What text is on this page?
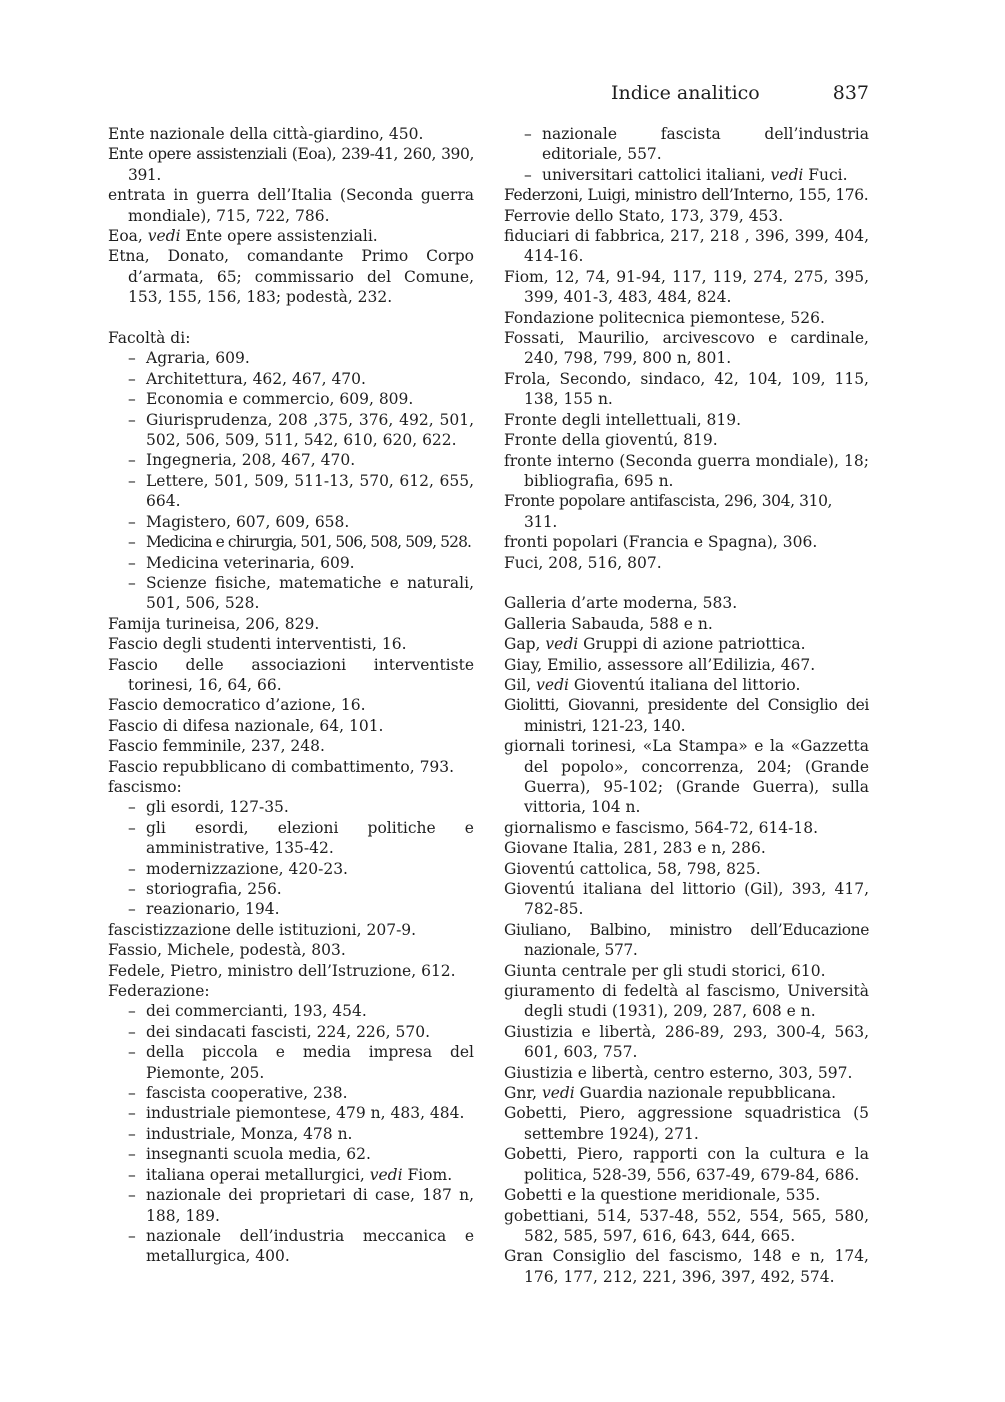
Indice analitico	837
Ente nazionale della città-giardino, 450.
Ente opere assistenziali (Eoa), 239-41, 260, 390, 391.
entrata in guerra dell’Italia (Seconda guerra mondiale), 715, 722, 786.
Eoa, vedi Ente opere assistenziali.
Etna, Donato, comandante Primo Corpo d’armata, 65; commissario del Comune, 153, 155, 156, 183; podestà, 232.
Facoltà di:
– Agraria, 609.
– Architettura, 462, 467, 470.
– Economia e commercio, 609, 809.
– Giurisprudenza, 208 ,375, 376, 492, 501, 502, 506, 509, 511, 542, 610, 620, 622.
– Ingegneria, 208, 467, 470.
– Lettere, 501, 509, 511-13, 570, 612, 655, 664.
– Magistero, 607, 609, 658.
– Medicina e chirurgia, 501, 506, 508, 509, 528.
– Medicina veterinaria, 609.
– Scienze fisiche, matematiche e naturali, 501, 506, 528.
Famija turineisa, 206, 829.
Fascio degli studenti interventisti, 16.
Fascio delle associazioni interventiste torinesi, 16, 64, 66.
Fascio democratico d’azione, 16.
Fascio di difesa nazionale, 64, 101.
Fascio femminile, 237, 248.
Fascio repubblicano di combattimento, 793.
fascismo:
– gli esordi, 127-35.
– gli esordi, elezioni politiche e amministrative, 135-42.
– modernizzazione, 420-23.
– storiografia, 256.
– reazionario, 194.
fascistizzazione delle istituzioni, 207-9.
Fassio, Michele, podestà, 803.
Fedele, Pietro, ministro dell’Istruzione, 612.
Federazione:
– dei commercianti, 193, 454.
– dei sindacati fascisti, 224, 226, 570.
– della piccola e media impresa del Piemonte, 205.
– fascista cooperative, 238.
– industriale piemontese, 479 n, 483, 484.
– industriale, Monza, 478 n.
– insegnanti scuola media, 62.
– italiana operai metallurgici, vedi Fiom.
– nazionale dei proprietari di case, 187 n, 188, 189.
– nazionale dell’industria meccanica e metallurgica, 400.
– nazionale fascista dell’industria editoriale, 557.
– universitari cattolici italiani, vedi Fuci.
Federzoni, Luigi, ministro dell’Interno, 155, 176.
Ferrovie dello Stato, 173, 379, 453.
fiduciari di fabbrica, 217, 218 , 396, 399, 404, 414-16.
Fiom, 12, 74, 91-94, 117, 119, 274, 275, 395, 399, 401-3, 483, 484, 824.
Fondazione politecnica piemontese, 526.
Fossati, Maurilio, arcivescovo e cardinale, 240, 798, 799, 800 n, 801.
Frola, Secondo, sindaco, 42, 104, 109, 115, 138, 155 n.
Fronte degli intellettuali, 819.
Fronte della gioventú, 819.
fronte interno (Seconda guerra mondiale), 18; bibliografia, 695 n.
Fronte popolare antifascista, 296, 304, 310, 311.
fronti popolari (Francia e Spagna), 306.
Fuci, 208, 516, 807.
Galleria d’arte moderna, 583.
Galleria Sabauda, 588 e n.
Gap, vedi Gruppi di azione patriottica.
Giay, Emilio, assessore all’Edilizia, 467.
Gil, vedi Gioventú italiana del littorio.
Giolitti, Giovanni, presidente del Consiglio dei ministri, 121-23, 140.
giornali torinesi, «La Stampa» e la «Gazzetta del popolo», concorrenza, 204; (Grande Guerra), 95-102; (Grande Guerra), sulla vittoria, 104 n.
giornalismo e fascismo, 564-72, 614-18.
Giovane Italia, 281, 283 e n, 286.
Gioventú cattolica, 58, 798, 825.
Gioventú italiana del littorio (Gil), 393, 417, 782-85.
Giuliano, Balbino, ministro dell’Educazione nazionale, 577.
Giunta centrale per gli studi storici, 610.
giuramento di fedeltà al fascismo, Università degli studi (1931), 209, 287, 608 e n.
Giustizia e libertà, 286-89, 293, 300-4, 563, 601, 603, 757.
Giustizia e libertà, centro esterno, 303, 597.
Gnr, vedi Guardia nazionale repubblicana.
Gobetti, Piero, aggressione squadristica (5 settembre 1924), 271.
Gobetti, Piero, rapporti con la cultura e la politica, 528-39, 556, 637-49, 679-84, 686.
Gobetti e la questione meridionale, 535.
gobettiani, 514, 537-48, 552, 554, 565, 580, 582, 585, 597, 616, 643, 644, 665.
Gran Consiglio del fascismo, 148 e n, 174, 176, 177, 212, 221, 396, 397, 492, 574.
